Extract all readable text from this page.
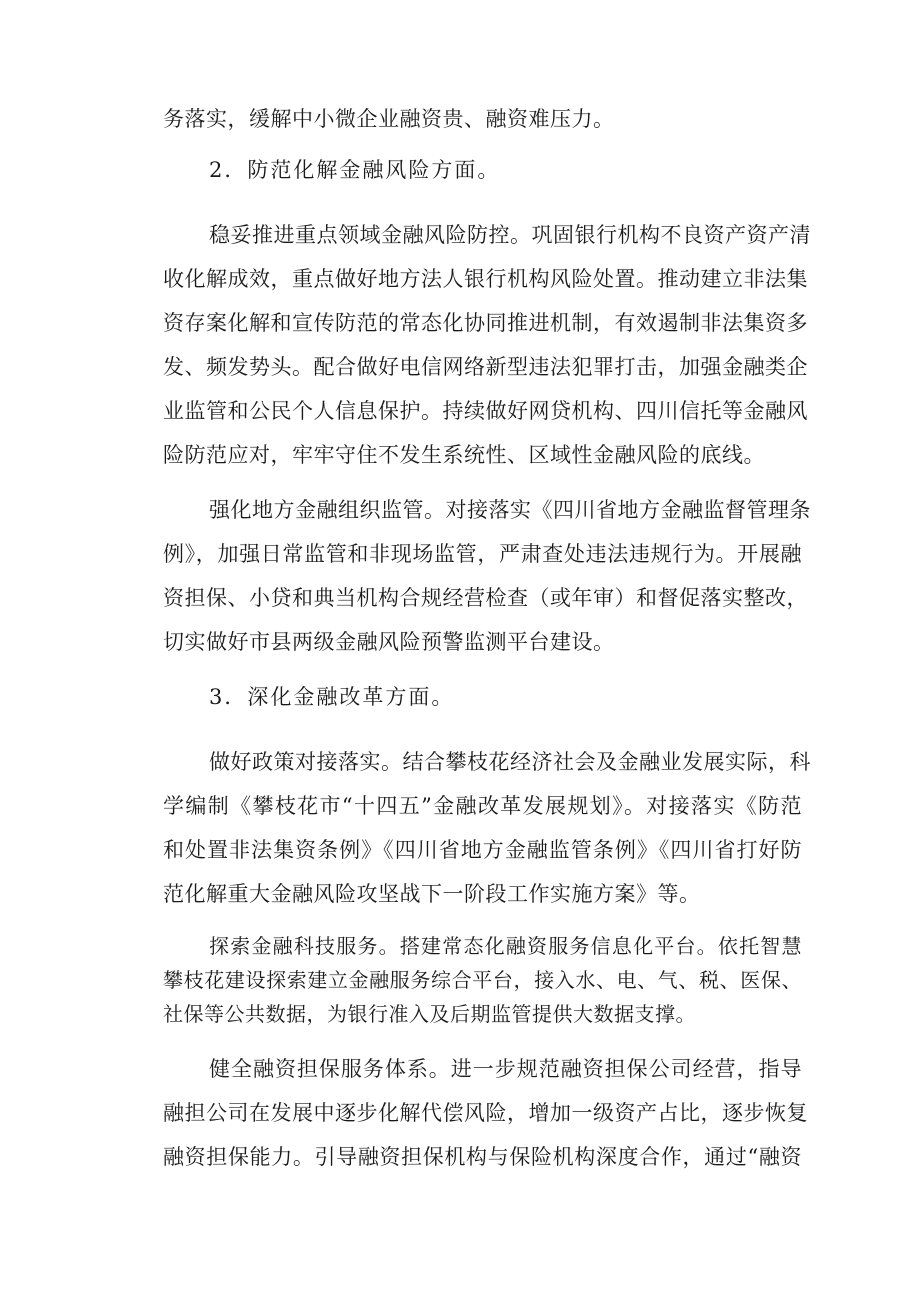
务落实，缓解中小微企业融资贵、融资难压力。
2．防范化解金融风险方面。
稳妥推进重点领域金融风险防控。巩固银行机构不良资产资产清
收化解成效，重点做好地方法人银行机构风险处置。推动建立非法集
资存案化解和宣传防范的常态化协同推进机制，有效遏制非法集资多
发、频发势头。配合做好电信网络新型违法犯罪打击，加强金融类企
业监管和公民个人信息保护。持续做好网贷机构、四川信托等金融风
险防范应对，牢牢守住不发生系统性、区域性金融风险的底线。
强化地方金融组织监管。对接落实《四川省地方金融监督管理条
例》，加强日常监管和非现场监管，严肃查处违法违规行为。开展融
资担保、小贷和典当机构合规经营检查（或年审）和督促落实整改，
切实做好市县两级金融风险预警监测平台建设。
3．深化金融改革方面。
做好政策对接落实。结合攀枝花经济社会及金融业发展实际，科
学编制《攀枝花市“十四五”金融改革发展规划》。对接落实《防范
和处置非法集资条例》《四川省地方金融监管条例》《四川省打好防
范化解重大金融风险攻坚战下一阶段工作实施方案》等。
探索金融科技服务。搭建常态化融资服务信息化平台。依托智慧
攀枝花建设探索建立金融服务综合平台，接入水、电、气、税、医保、
社保等公共数据，为银行准入及后期监管提供大数据支撑。
健全融资担保服务体系。进一步规范融资担保公司经营，指导
融担公司在发展中逐步化解代偿风险，增加一级资产占比，逐步恢复
融资担保能力。引导融资担保机构与保险机构深度合作，通过“融资
